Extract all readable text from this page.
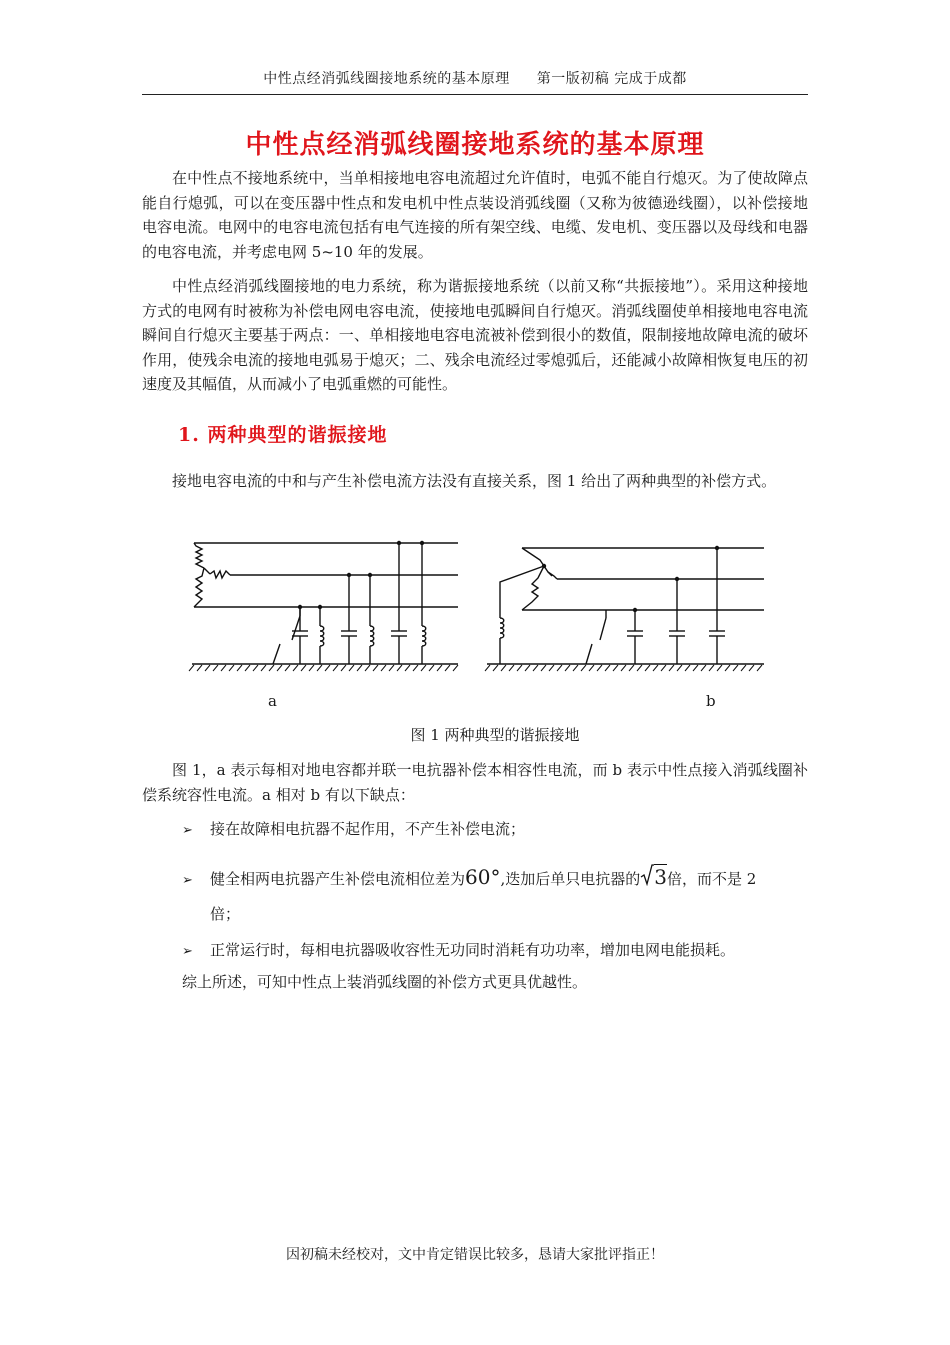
中性点经消弧线圈接地系统的基本原理 第一版初稿 完成于成都
中性点经消弧线圈接地系统的基本原理

在中性点不接地系统中，当单相接地电容电流超过允许值时，电弧不能自行熄灭。为了使故障点能自行熄弧，可以在变压器中性点和发电机中性点装设消弧线圈（又称为彼德逊线圈），以补偿接地电容电流。电网中的电容电流包括有电气连接的所有架空线、电缆、发电机、变压器以及母线和电器的电容电流，并考虑电网 5~10 年的发展。

中性点经消弧线圈接地的电力系统，称为谐振接地系统（以前又称“共振接地”）。采用这种接地方式的电网有时被称为补偿电网电容电流，使接地电弧瞬间自行熄灭。消弧线圈使单相接地电容电流瞬间自行熄灭主要基于两点：一、单相接地电容电流被补偿到很小的数值，限制接地故障电流的破坏作用，使残余电流的接地电弧易于熄灭；二、残余电流经过零熄弧后，还能减小故障相恢复电压的初速度及其幅值，从而减小了电弧重燃的可能性。

1. 两种典型的谐振接地

接地电容电流的中和与产生补偿电流方法没有直接关系，图 1 给出了两种典型的补偿方式。

a	b
图 1 两种典型的谐振接地

图 1，a 表示每相对地电容都并联一电抗器补偿本相容性电流，而 b 表示中性点接入消弧线圈补偿系统容性电流。a 相对 b 有以下缺点：

➢ 接在故障相电抗器不起作用，不产生补偿电流；
➢ 健全相两电抗器产生补偿电流相位差为60°,迭加后单只电抗器的 3倍，而不是 2
倍；
➢ 正常运行时，每相电抗器吸收容性无功同时消耗有功功率，增加电网电能损耗。
综上所述，可知中性点上装消弧线圈的补偿方式更具优越性。
因初稿未经校对，文中肯定错误比较多，恳请大家批评指正！
